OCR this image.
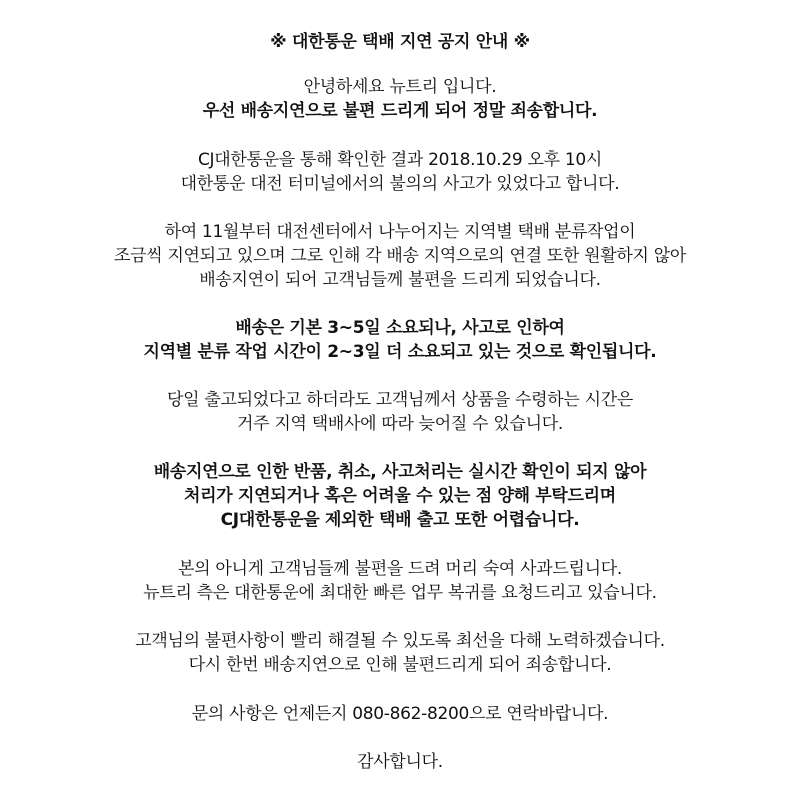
※ 대한통운 택배 지연 공지 안내 ※
안녕하세요 뉴트리 입니다.
우선 배송지연으로 불편 드리게 되어 정말 죄송합니다.
CJ대한통운을 통해 확인한 결과 2018.10.29 오후 10시
대한통운 대전 터미널에서의 불의의 사고가 있었다고 합니다.
하여 11월부터 대전센터에서 나누어지는 지역별 택배 분류작업이
조금씩 지연되고 있으며 그로 인해 각 배송 지역으로의 연결 또한 원활하지 않아
배송지연이 되어 고객님들께 불편을 드리게 되었습니다.
배송은 기본 3~5일 소요되나, 사고로 인하여
지역별 분류 작업 시간이 2~3일 더 소요되고 있는 것으로 확인됩니다.
당일 출고되었다고 하더라도 고객님께서 상품을 수령하는 시간은
거주 지역 택배사에 따라 늦어질 수 있습니다.
배송지연으로 인한 반품, 취소, 사고처리는 실시간 확인이 되지 않아
처리가 지연되거나 혹은 어려울 수 있는 점 양해 부탁드리며
CJ대한통운을 제외한 택배 출고 또한 어렵습니다.
본의 아니게 고객님들께 불편을 드려 머리 숙여 사과드립니다.
뉴트리 측은 대한통운에 최대한 빠른 업무 복귀를 요청드리고 있습니다.
고객님의 불편사항이 빨리 해결될 수 있도록 최선을 다해 노력하겠습니다.
다시 한번 배송지연으로 인해 불편드리게 되어 죄송합니다.
문의 사항은 언제든지 080-862-8200으로 연락바랍니다.
감사합니다.
